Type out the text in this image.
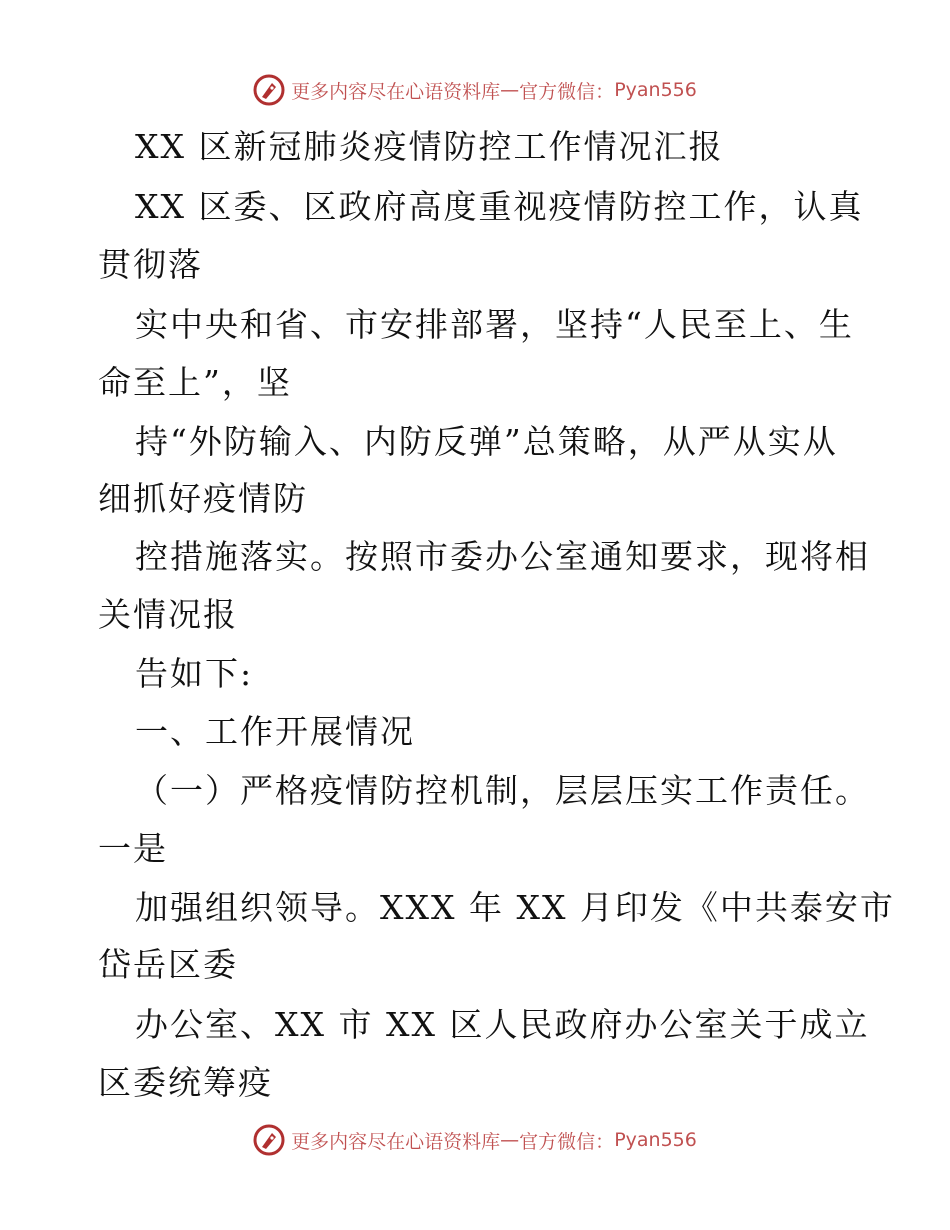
更多内容尽在心语资料库 — 官方微信： Pyan556
XX 区新冠肺炎疫情防控工作情况汇报
XX 区委、区政府高度重视疫情防控工作，认真
贯彻落
实中央和省、市安排部署，坚持“人民至上、生
命至上”，坚
持“外防输入、内防反弹”总策略，从严从实从
细抓好疫情防
控措施落实。按照市委办公室通知要求，现将相
关情况报
告如下:
一、工作开展情况
（一）严格疫情防控机制，层层压实工作责任。
一是
加强组织领导。XXX 年 XX 月印发《中共泰安市
岱岳区委
办公室、XX 市 XX 区人民政府办公室关于成立
区委统筹疫
更多内容尽在心语资料库 — 官方微信： Pyan556
